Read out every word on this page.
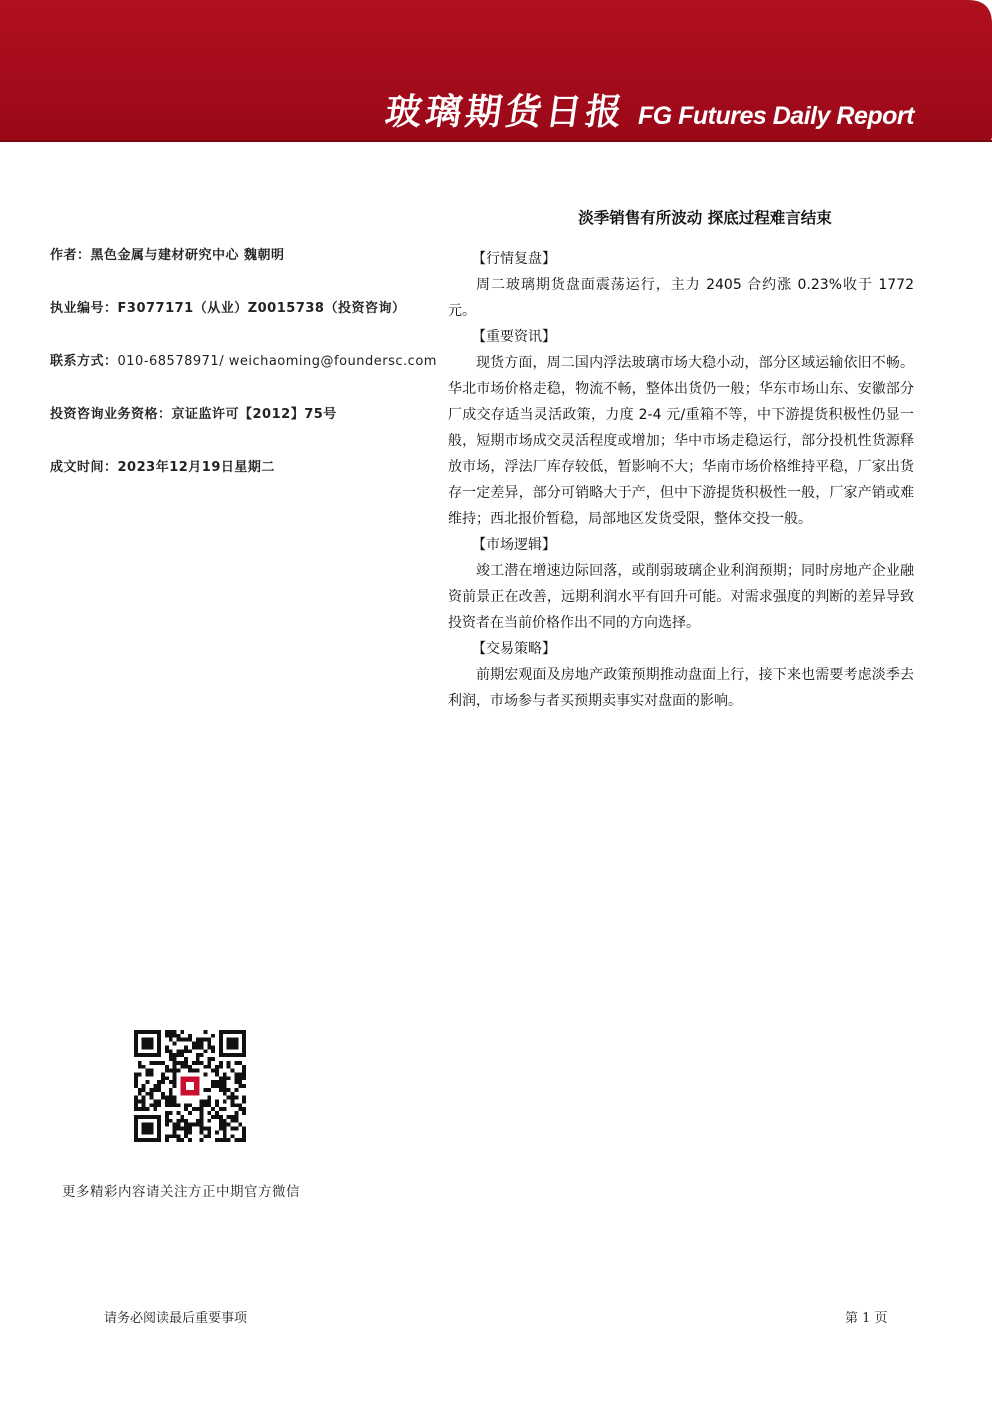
玻璃期货日报 FG Futures Daily Report
作者：黑色金属与建材研究中心 魏朝明
执业编号：F3077171（从业）Z0015738（投资咨询）
联系方式：010-68578971/ weichaoming@foundersc.com
投资咨询业务资格：京证监许可【2012】75号
成文时间：2023年12月19日星期二
淡季销售有所波动 探底过程难言结束
【行情复盘】

周二玻璃期货盘面震荡运行，主力 2405 合约涨 0.23%收于 1772元。

【重要资讯】

现货方面，周二国内浮法玻璃市场大稳小动，部分区域运输依旧不畅。华北市场价格走稳，物流不畅，整体出货仍一般；华东市场山东、安徽部分厂成交存适当灵活政策，力度 2-4 元/重箱不等，中下游提货积极性仍显一般，短期市场成交灵活程度或增加；华中市场走稳运行，部分投机性货源释放市场，浮法厂库存较低，暂影响不大；华南市场价格维持平稳，厂家出货存一定差异，部分可销略大于产，但中下游提货积极性一般，厂家产销或难维持；西北报价暂稳，局部地区发货受限，整体交投一般。

【市场逻辑】

竣工潜在增速边际回落，或削弱玻璃企业利润预期；同时房地产企业融资前景正在改善，远期利润水平有回升可能。对需求强度的判断的差异导致投资者在当前价格作出不同的方向选择。

【交易策略】

前期宏观面及房地产政策预期推动盘面上行，接下来也需要考虑淡季去利润，市场参与者买预期卖事实对盘面的影响。

更多精彩内容请关注方正中期官方微信
请务必阅读最后重要事项	第 1 页
